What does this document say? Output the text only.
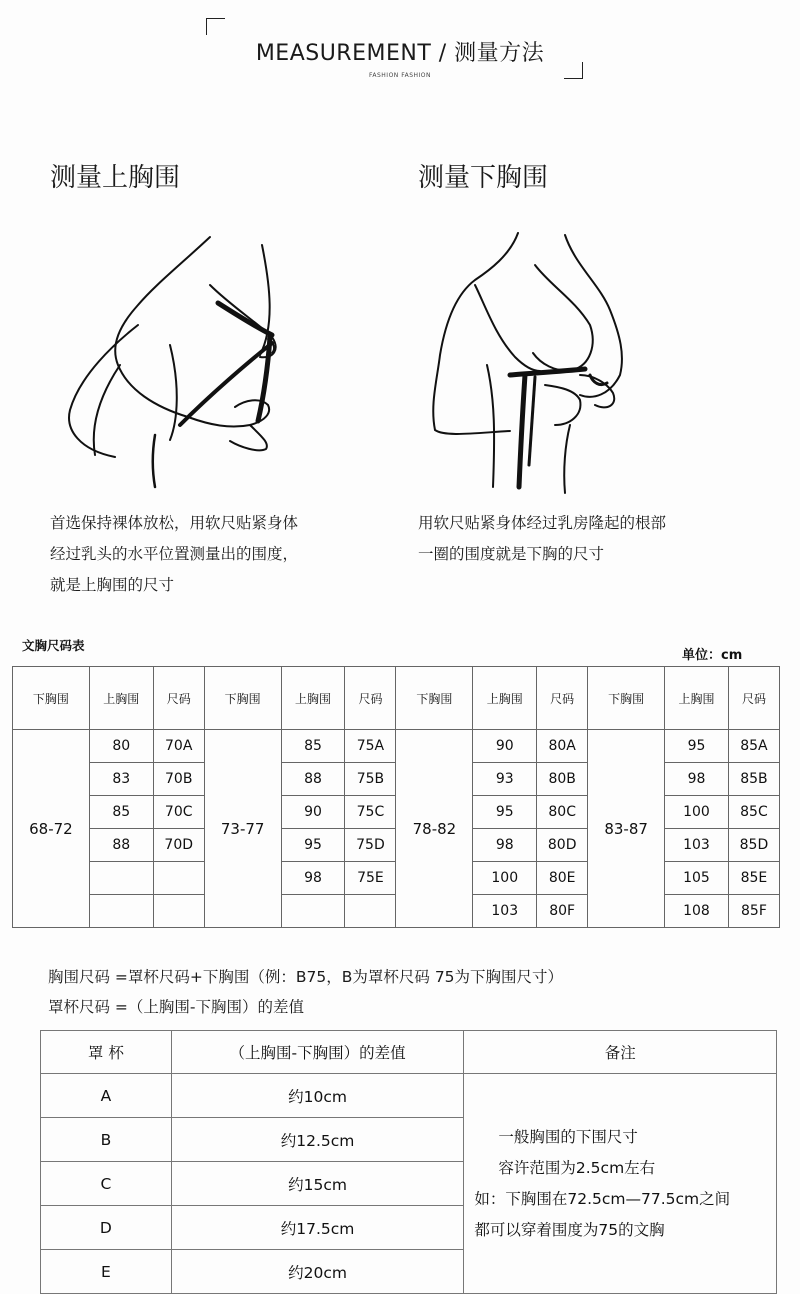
MEASUREMENT / 测量方法
FASHION FASHION
测量上胸围	测量下胸围
首选保持裸体放松，用软尺贴紧身体
经过乳头的水平位置测量出的围度，
就是上胸围的尺寸
用软尺贴紧身体经过乳房隆起的根部
一圈的围度就是下胸的尺寸
文胸尺码表
单位：cm
下胸围	上胸围	尺码	下胸围	上胸围	尺码	下胸围	上胸围	尺码	下胸围	上胸围	尺码
68-72	80	70A	73-77	85	75A	78-82	90	80A	83-87	95	85A
	83	70B		88	75B		93	80B		98	85B
	85	70C		90	75C		95	80C		100	85C
	88	70D		95	75D		98	80D		103	85D
				98	75E		100	80E		105	85E
							103	80F		108	85F
胸围尺码 =罩杯尺码+下胸围（例：B75，B为罩杯尺码 75为下胸围尺寸）
罩杯尺码 =（上胸围-下胸围）的差值
罩 杯	（上胸围-下胸围）的差值	备注
A	约10cm	一般胸围的下围尺寸
容许范围为2.5cm左右
如：下胸围在72.5cm—77.5cm之间
都可以穿着围度为75的文胸

B	约12.5cm	
C	约15cm	
D	约17.5cm	
E	约20cm	
